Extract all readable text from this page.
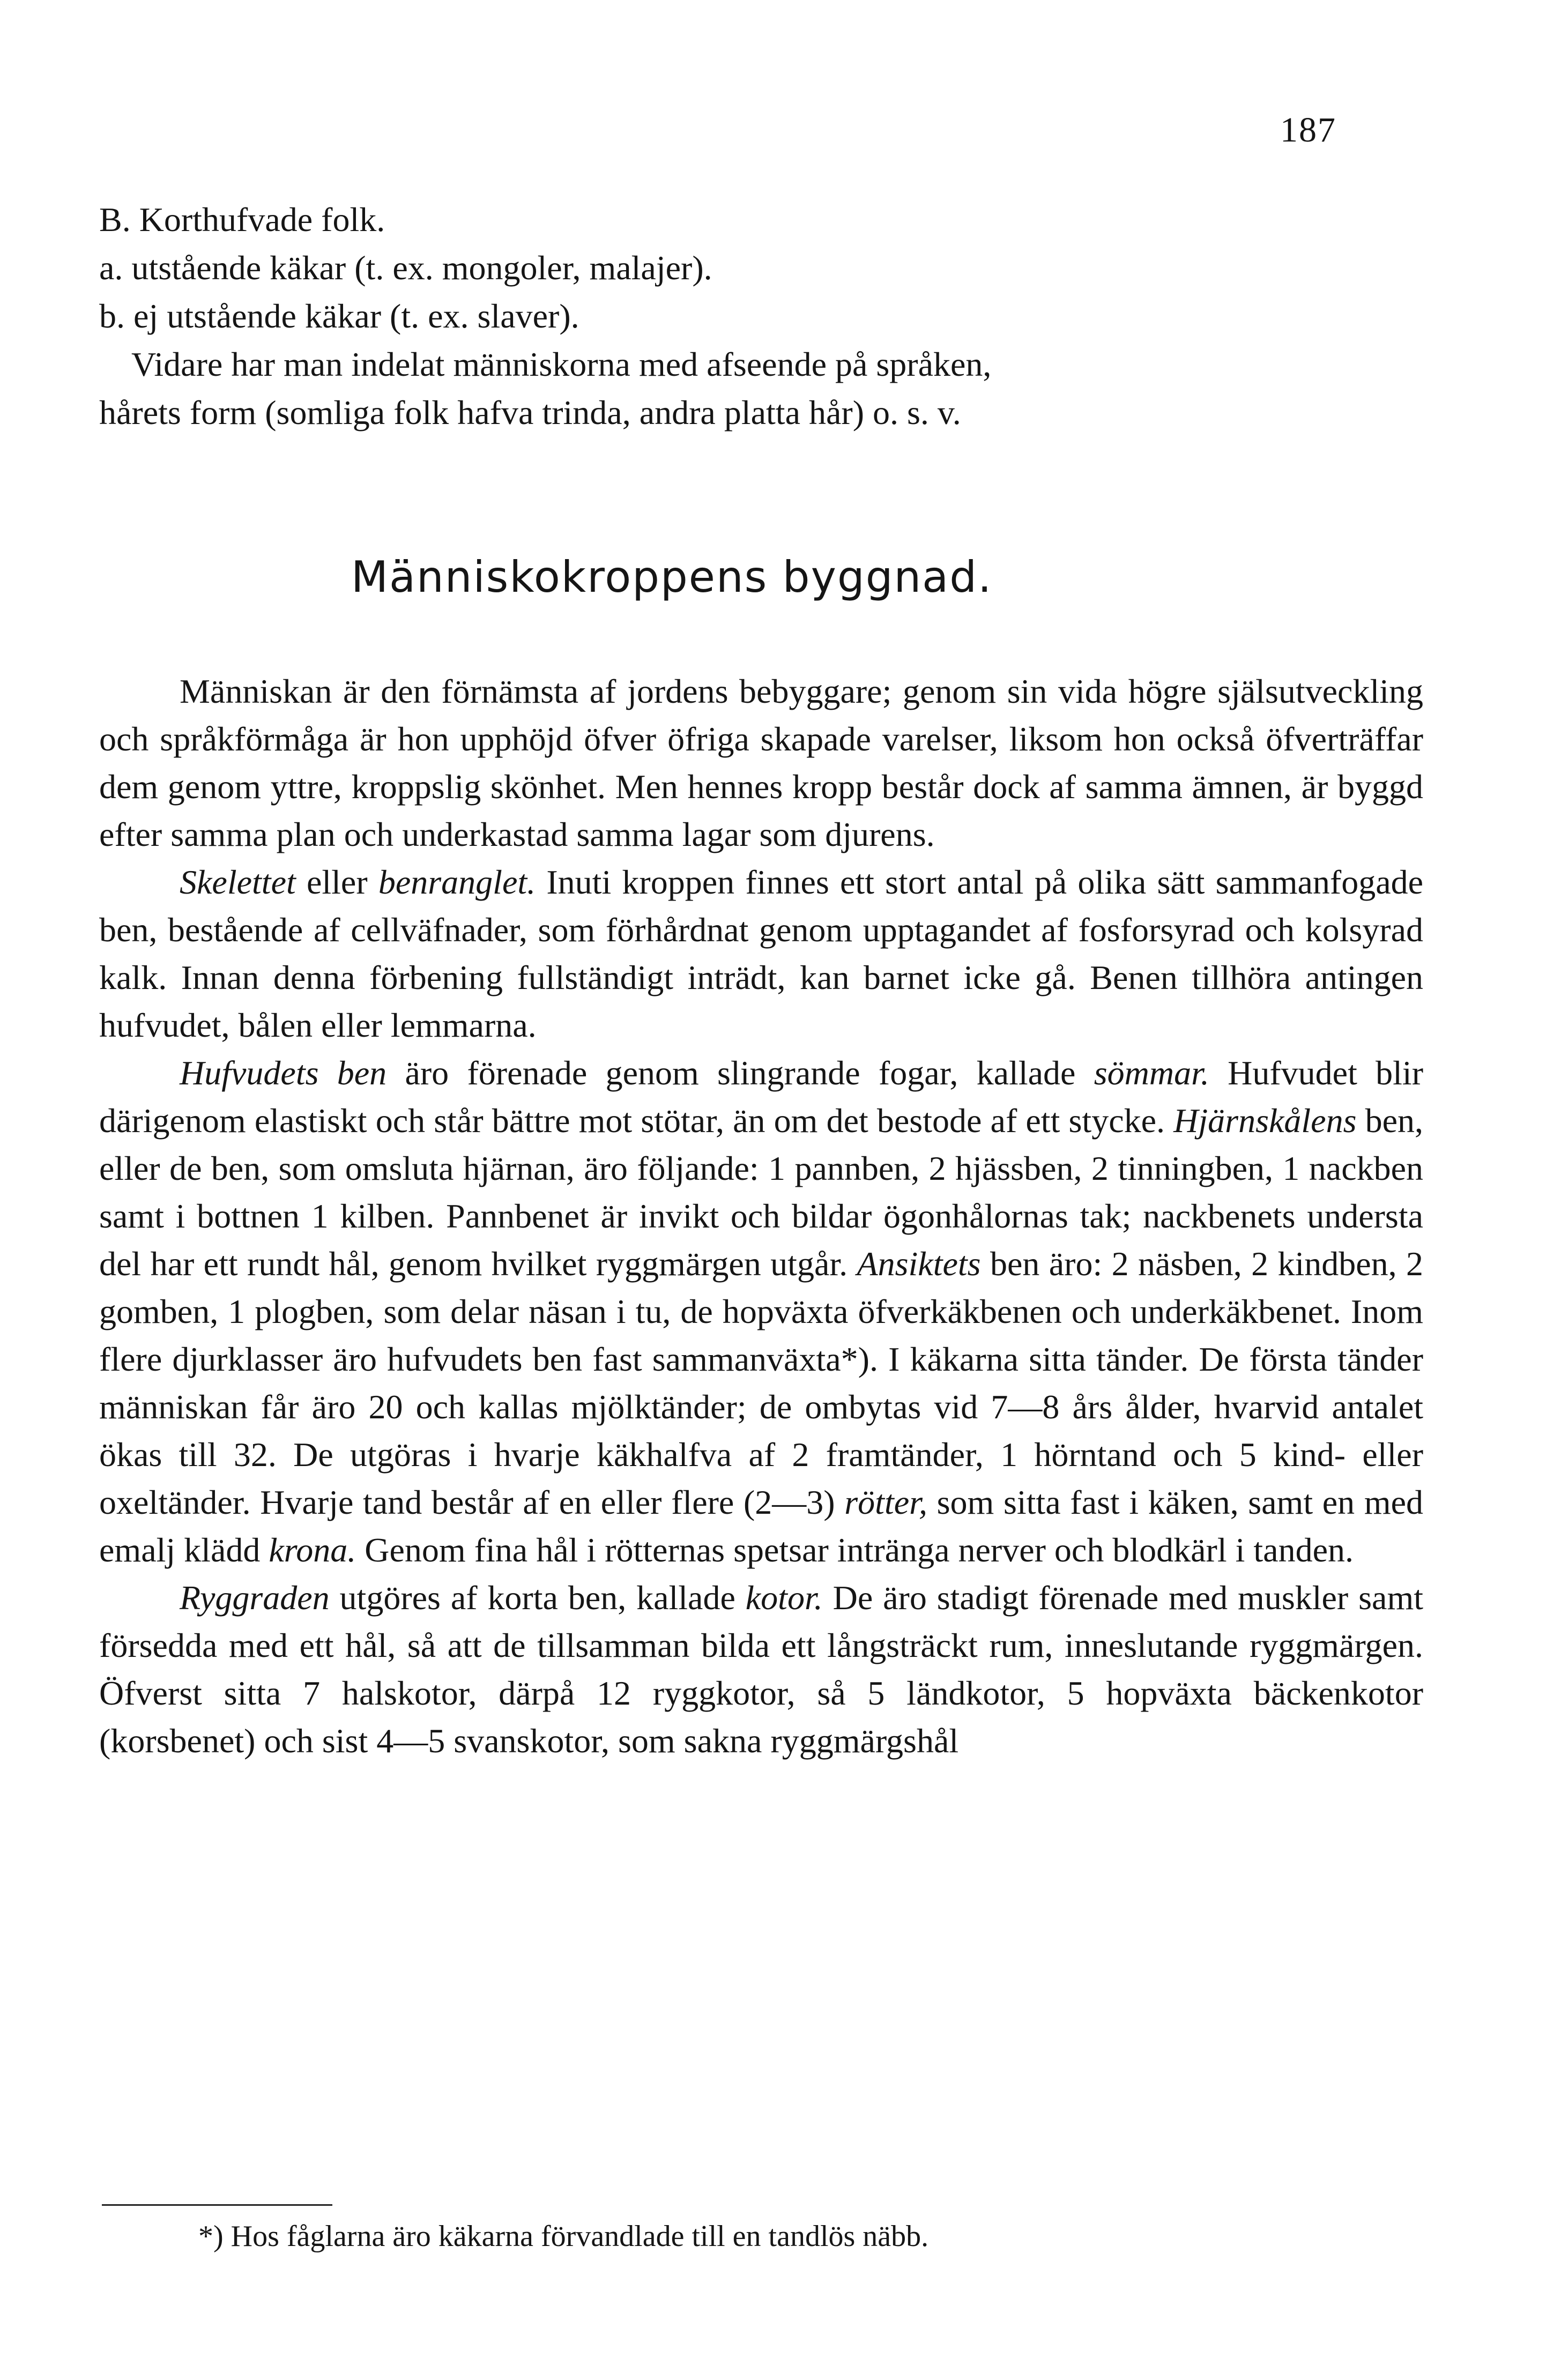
187
B. Korthufvade folk.
a. utstående käkar (t. ex. mongoler, malajer).
b. ej utstående käkar (t. ex. slaver).
Vidare har man indelat människorna med afseende på språken,
hårets form (somliga folk hafva trinda, andra platta hår) o. s. v.
Människokroppens byggnad.

Människan är den förnämsta af jordens bebyggare; genom sin vida högre själsutveckling och språkförmåga är hon upphöjd öfver öfriga skapade varelser, liksom hon också öfverträffar dem genom yttre, kroppslig skönhet. Men hennes kropp består dock af samma ämnen, är byggd efter samma plan och underkastad samma lagar som djurens.

Skelettet eller benranglet. Inuti kroppen finnes ett stort antal på olika sätt sammanfogade ben, bestående af cellväfnader, som förhårdnat genom upptagandet af fosforsyrad och kolsyrad kalk. Innan denna förbening fullständigt inträdt, kan barnet icke gå. Benen tillhöra antingen hufvudet, bålen eller lemmarna.

Hufvudets ben äro förenade genom slingrande fogar, kallade sömmar. Hufvudet blir därigenom elastiskt och står bättre mot stötar, än om det bestode af ett stycke. Hjärnskålens ben, eller de ben, som omsluta hjärnan, äro följande: 1 pannben, 2 hjässben, 2 tinningben, 1 nackben samt i bottnen 1 kilben. Pannbenet är invikt och bildar ögonhålornas tak; nackbenets understa del har ett rundt hål, genom hvilket ryggmärgen utgår. Ansiktets ben äro: 2 näsben, 2 kindben, 2 gomben, 1 plogben, som delar näsan i tu, de hopväxta öfverkäkbenen och underkäkbenet. Inom flere djurklasser äro hufvudets ben fast sammanväxta*). I käkarna sitta tänder. De första tänder människan får äro 20 och kallas mjölktänder; de ombytas vid 7—8 års ålder, hvarvid antalet ökas till 32. De utgöras i hvarje käkhalfva af 2 framtänder, 1 hörntand och 5 kind- eller oxeltänder. Hvarje tand består af en eller flere (2—3) rötter, som sitta fast i käken, samt en med emalj klädd krona. Genom fina hål i rötternas spetsar intränga nerver och blodkärl i tanden.

Ryggraden utgöres af korta ben, kallade kotor. De äro stadigt förenade med muskler samt försedda med ett hål, så att de tillsamman bilda ett långsträckt rum, inneslutande ryggmärgen. Öfverst sitta 7 halskotor, därpå 12 ryggkotor, så 5 ländkotor, 5 hopväxta bäckenkotor (korsbenet) och sist 4—5 svanskotor, som sakna ryggmärgshål

*) Hos fåglarna äro käkarna förvandlade till en tandlös näbb.
